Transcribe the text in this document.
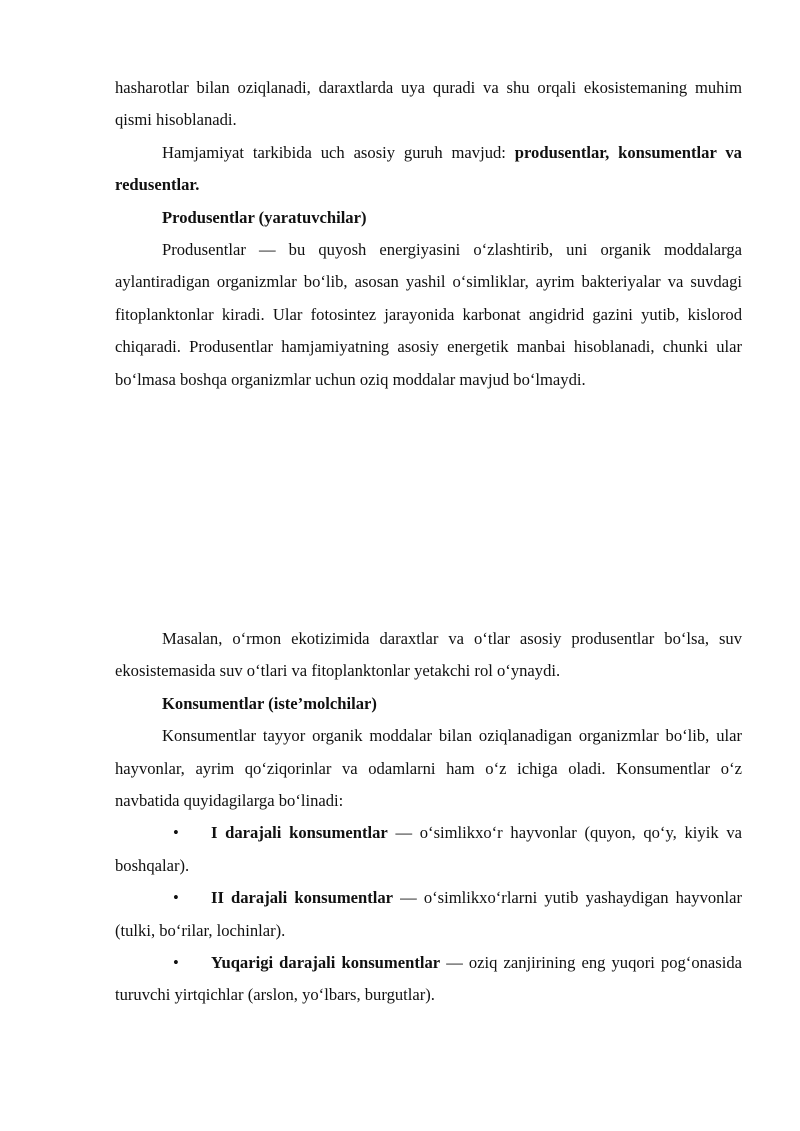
hasharotlar bilan oziqlanadi, daraxtlarda uya quradi va shu orqali ekosistemaning muhim qismi hisoblanadi.

Hamjamiyat tarkibida uch asosiy guruh mavjud: produsentlar, konsumentlar va redusentlar.

Produsentlar (yaratuvchilar)

Produsentlar — bu quyosh energiyasini o‘zlashtirib, uni organik moddalarga aylantiradigan organizmlar bo‘lib, asosan yashil o‘simliklar, ayrim bakteriyalar va suvdagi fitoplanktonlar kiradi. Ular fotosintez jarayonida karbonat angidrid gazini yutib, kislorod chiqaradi. Produsentlar hamjamiyatning asosiy energetik manbai hisoblanadi, chunki ular bo‘lmasa boshqa organizmlar uchun oziq moddalar mavjud bo‘lmaydi.

Masalan, o‘rmon ekotizimida daraxtlar va o‘tlar asosiy produsentlar bo‘lsa, suv ekosistemasida suv o‘tlari va fitoplanktonlar yetakchi rol o‘ynaydi.

Konsumentlar (iste’molchilar)

Konsumentlar tayyor organik moddalar bilan oziqlanadigan organizmlar bo‘lib, ular hayvonlar, ayrim qo‘ziqorinlar va odamlarni ham o‘z ichiga oladi. Konsumentlar o‘z navbatida quyidagilarga bo‘linadi:

• I darajali konsumentlar — o‘simlikxo‘r hayvonlar (quyon, qo‘y, kiyik va boshqalar).

• II darajali konsumentlar — o‘simlikxo‘rlarni yutib yashaydigan hayvonlar (tulki, bo‘rilar, lochinlar).

• Yuqarigi darajali konsumentlar — oziq zanjirining eng yuqori pog‘onasida turuvchi yirtqichlar (arslon, yo‘lbars, burgutlar).
